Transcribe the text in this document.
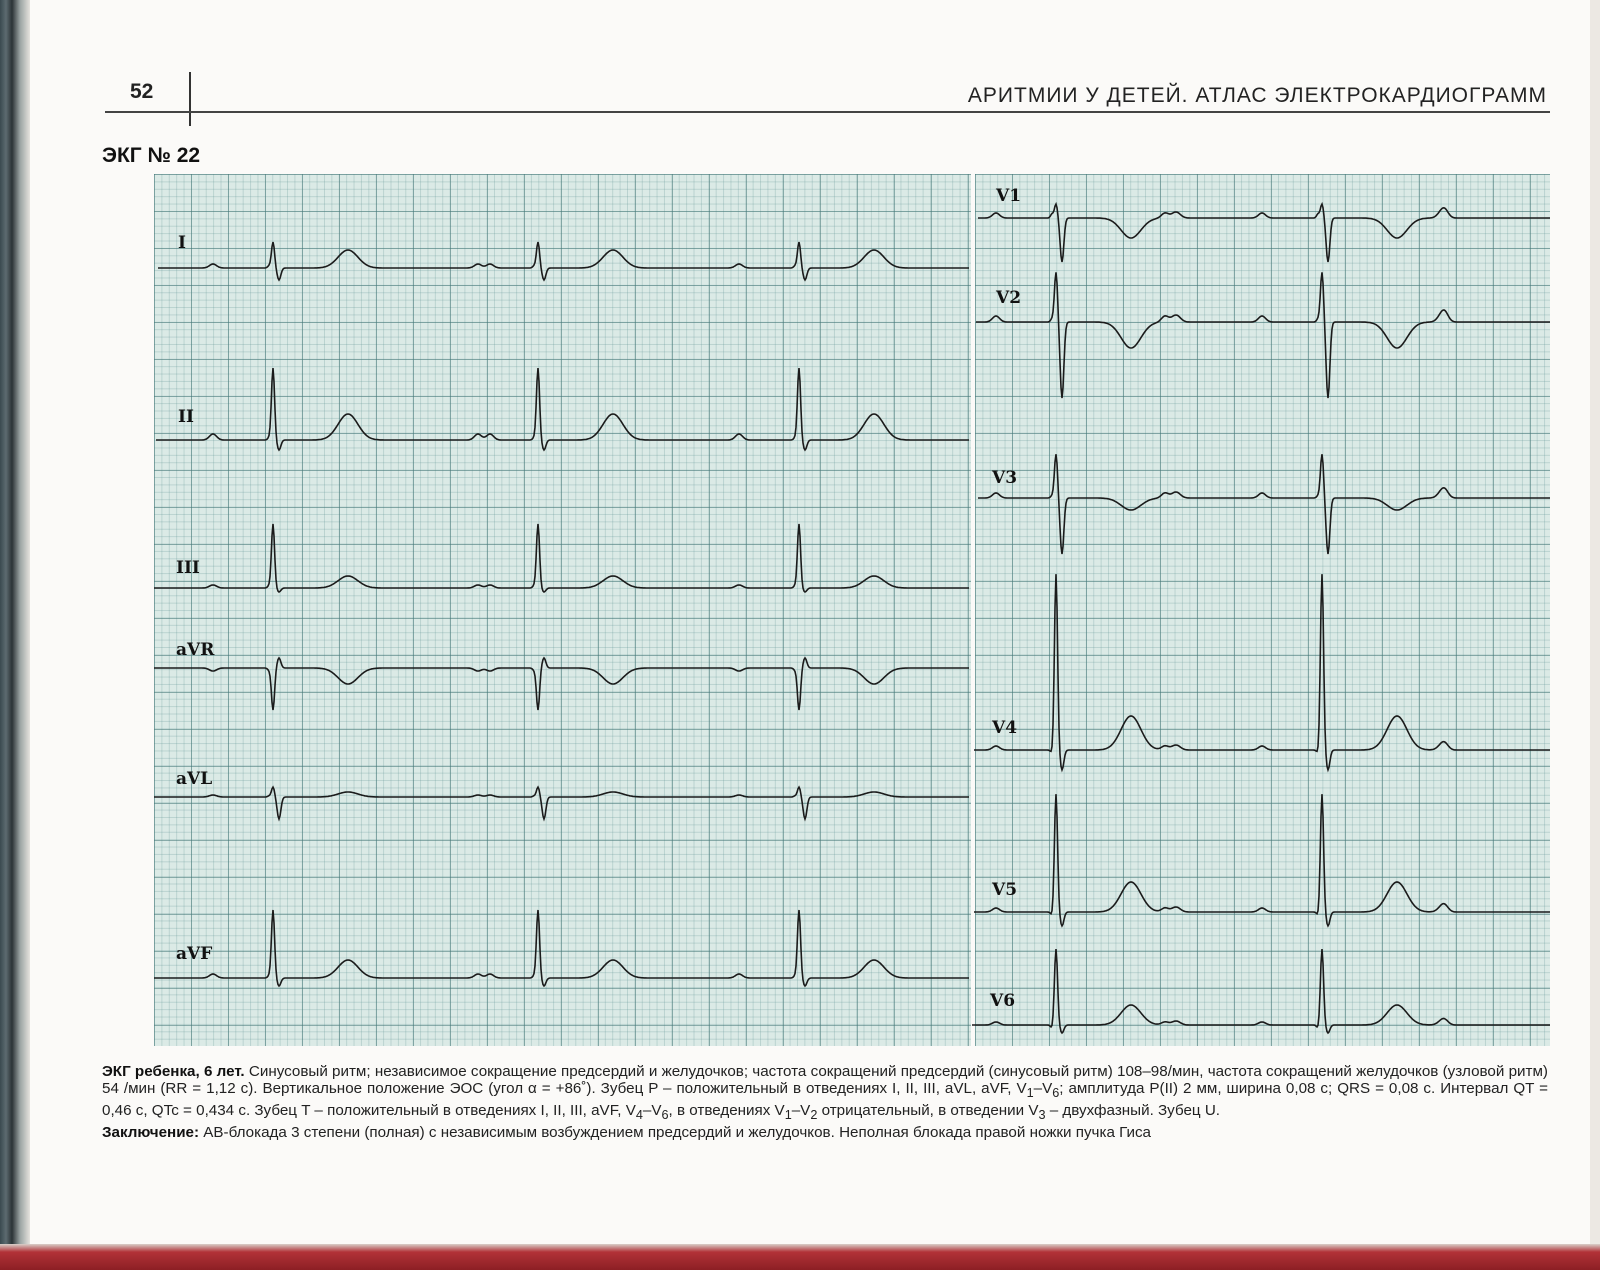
52	АРИТМИИ У ДЕТЕЙ. АТЛАС ЭЛЕКТРОКАРДИОГРАММ
ЭКГ № 22
I
II
III
aVR
aVL
aVF
V1
V2
V3
V4
V5
V6

ЭКГ ребенка, 6 лет. Синусовый ритм; независимое сокращение предсердий и желудочков; частота сокращений предсердий (синусовый ритм) 108–98/мин, частота сокращений желудочков (узловой ритм) 54 /мин (RR = 1,12 с). Вертикальное положение ЭОС (угол α = +86˚). Зубец P – положительный в отведениях I, II, III, aVL, aVF, $V_1-V_6$; амплитуда P(II) 2 мм, ширина 0,08 с; QRS = 0,08 с. Интервал QT = 0,46 с, QTc = 0,434 с. Зубец T – положительный в отведениях I, II, III, aVF, $V_4-V_6$, в отведениях $V_1-V_2$ отрицательный, в отведении $V_3$ – двухфазный. Зубец U.

Заключение: АВ-блокада 3 степени (полная) с независимым возбуждением предсердий и желудочков. Неполная блокада правой ножки пучка Гиса
